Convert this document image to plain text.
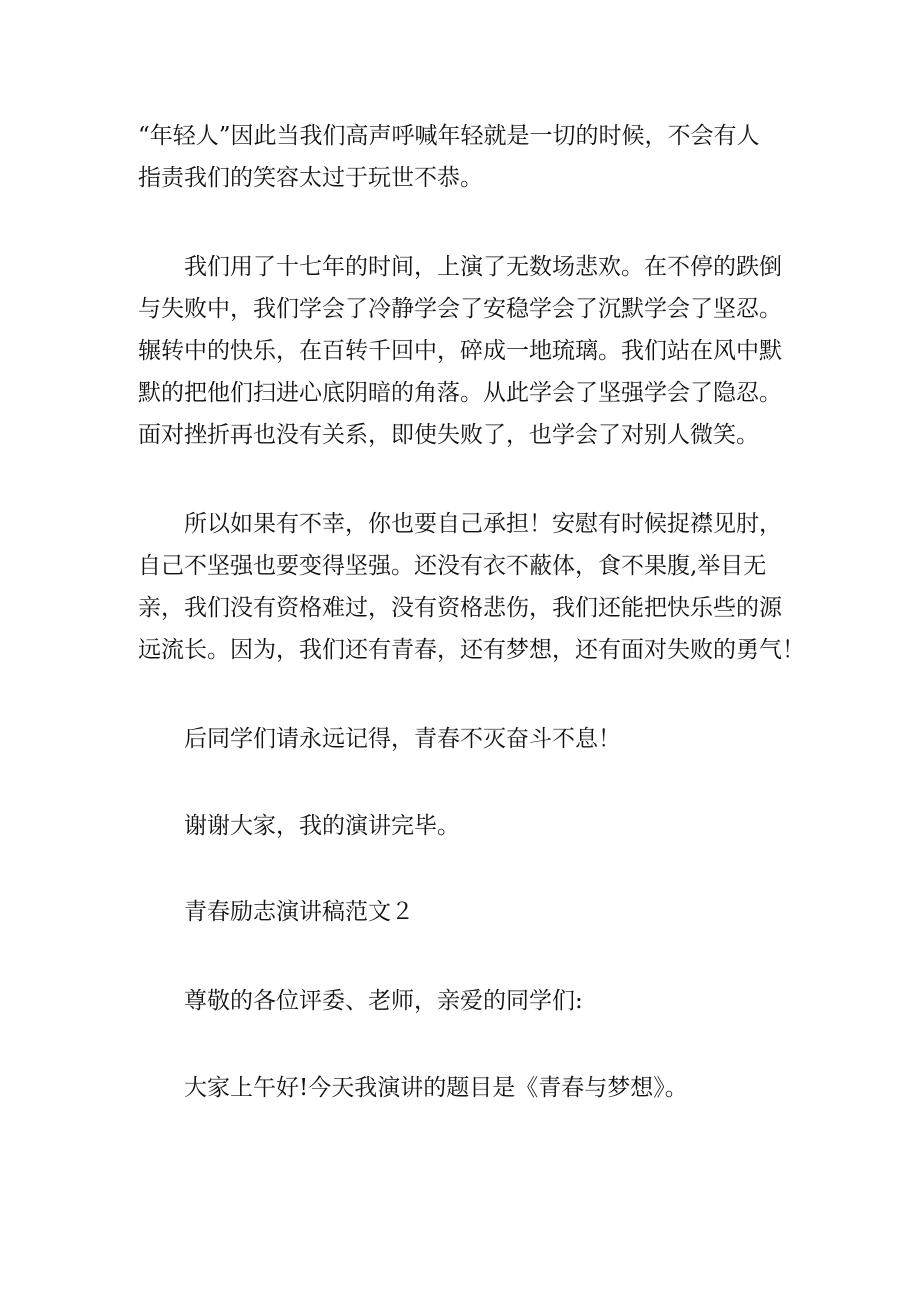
“年轻人”因此当我们高声呼喊年轻就是一切的时候，不会有人
指责我们的笑容太过于玩世不恭。

我们用了十七年的时间，上演了无数场悲欢。在不停的跌倒
与失败中，我们学会了冷静学会了安稳学会了沉默学会了坚忍。
辗转中的快乐，在百转千回中，碎成一地琉璃。我们站在风中默
默的把他们扫进心底阴暗的角落。从此学会了坚强学会了隐忍。
面对挫折再也没有关系，即使失败了，也学会了对别人微笑。

所以如果有不幸，你也要自己承担！安慰有时候捉襟见肘，
自己不坚强也要变得坚强。还没有衣不蔽体，食不果腹,举目无
亲，我们没有资格难过，没有资格悲伤，我们还能把快乐些的源
远流长。因为，我们还有青春，还有梦想，还有面对失败的勇气！

后同学们请永远记得，青春不灭奋斗不息！

谢谢大家，我的演讲完毕。

青春励志演讲稿范文２

尊敬的各位评委、老师，亲爱的同学们:

大家上午好!今天我演讲的题目是《青春与梦想》。
